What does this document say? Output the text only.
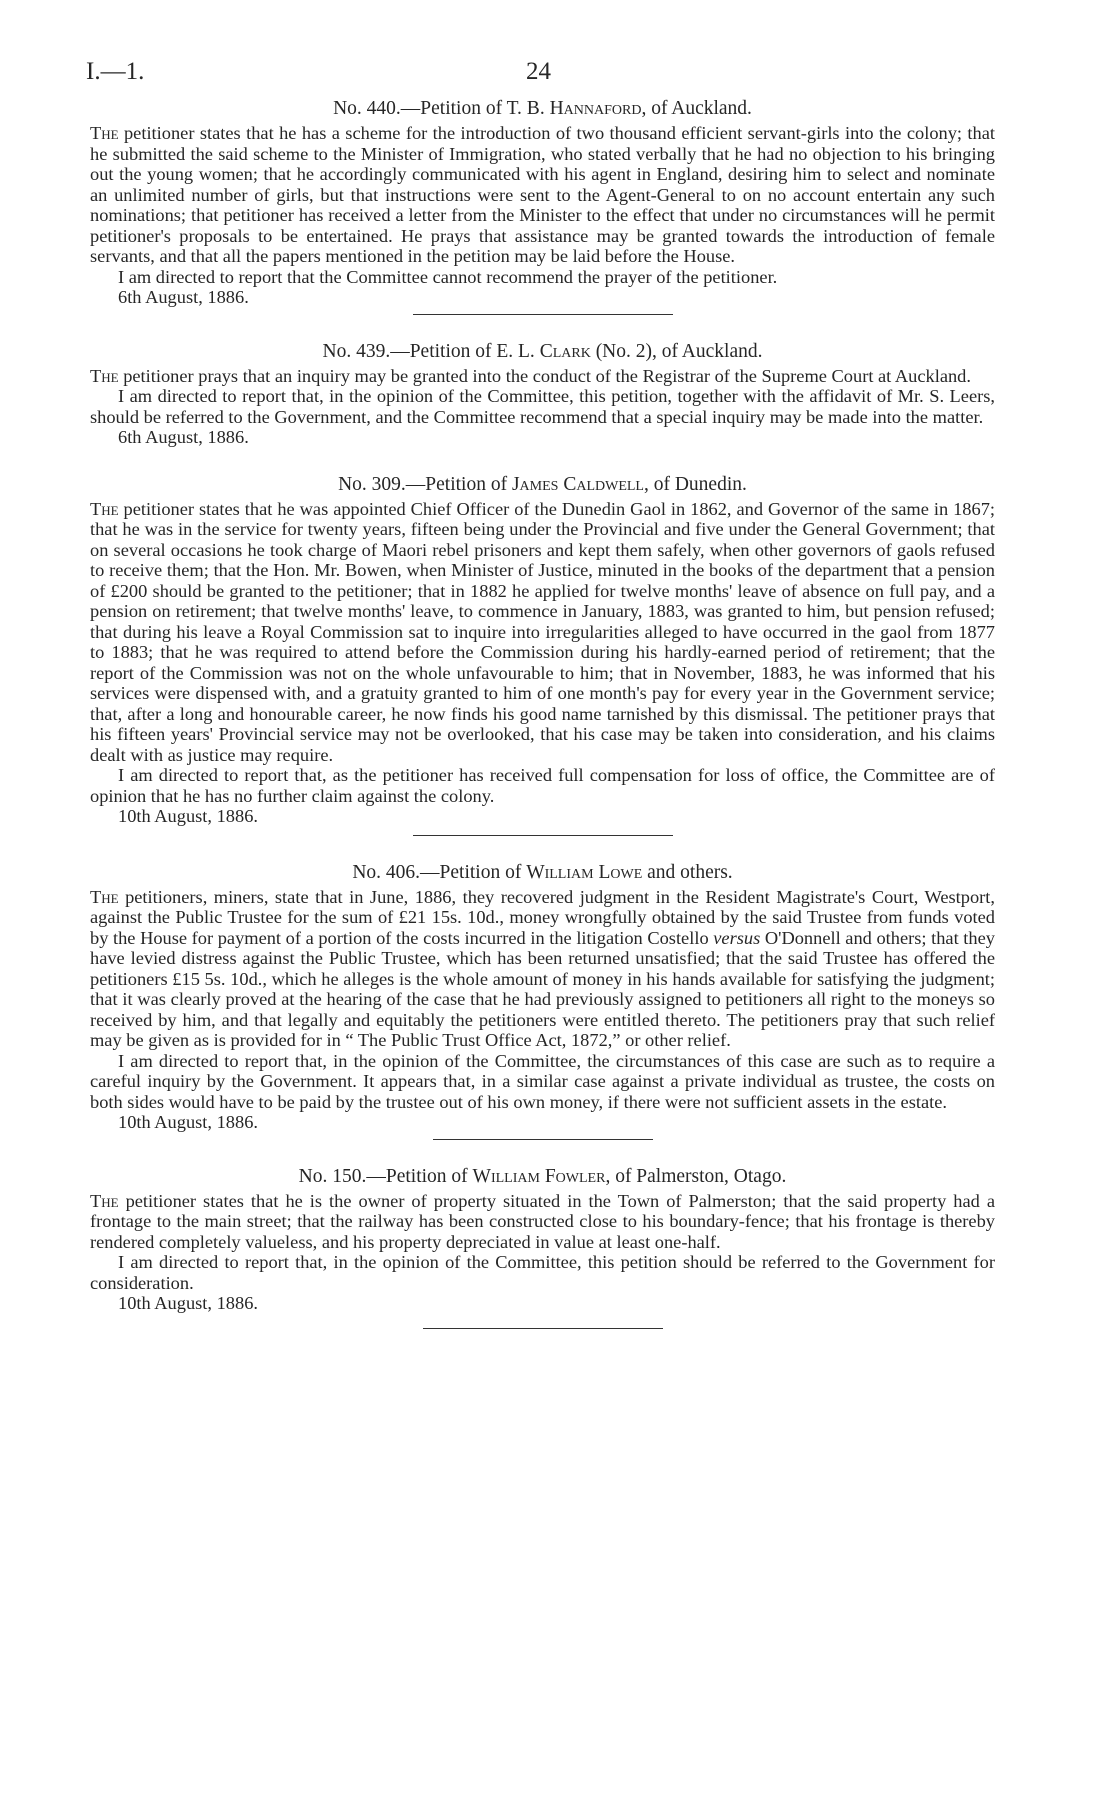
I.—1.	24
No. 440.—Petition of T. B. Hannaford, of Auckland.

The petitioner states that he has a scheme for the introduction of two thousand efficient servant-girls into the colony; that he submitted the said scheme to the Minister of Immigration, who stated verbally that he had no objection to his bringing out the young women; that he accordingly communicated with his agent in England, desiring him to select and nominate an unlimited number of girls, but that instructions were sent to the Agent-General to on no account entertain any such nominations; that petitioner has received a letter from the Minister to the effect that under no circumstances will he permit petitioner's proposals to be entertained. He prays that assistance may be granted towards the introduction of female servants, and that all the papers mentioned in the petition may be laid before the House.

I am directed to report that the Committee cannot recommend the prayer of the petitioner.

6th August, 1886.

No. 439.—Petition of E. L. Clark (No. 2), of Auckland.

The petitioner prays that an inquiry may be granted into the conduct of the Registrar of the Supreme Court at Auckland.

I am directed to report that, in the opinion of the Committee, this petition, together with the affidavit of Mr. S. Leers, should be referred to the Government, and the Committee recommend that a special inquiry may be made into the matter.

6th August, 1886.

No. 309.—Petition of James Caldwell, of Dunedin.

The petitioner states that he was appointed Chief Officer of the Dunedin Gaol in 1862, and Governor of the same in 1867; that he was in the service for twenty years, fifteen being under the Provincial and five under the General Government; that on several occasions he took charge of Maori rebel prisoners and kept them safely, when other governors of gaols refused to receive them; that the Hon. Mr. Bowen, when Minister of Justice, minuted in the books of the department that a pension of £200 should be granted to the petitioner; that in 1882 he applied for twelve months' leave of absence on full pay, and a pension on retirement; that twelve months' leave, to commence in January, 1883, was granted to him, but pension refused; that during his leave a Royal Commission sat to inquire into irregularities alleged to have occurred in the gaol from 1877 to 1883; that he was required to attend before the Commission during his hardly-earned period of retirement; that the report of the Commission was not on the whole unfavourable to him; that in November, 1883, he was informed that his services were dispensed with, and a gratuity granted to him of one month's pay for every year in the Government service; that, after a long and honourable career, he now finds his good name tarnished by this dismissal. The petitioner prays that his fifteen years' Provincial service may not be overlooked, that his case may be taken into consideration, and his claims dealt with as justice may require.

I am directed to report that, as the petitioner has received full compensation for loss of office, the Committee are of opinion that he has no further claim against the colony.

10th August, 1886.

No. 406.—Petition of William Lowe and others.

The petitioners, miners, state that in June, 1886, they recovered judgment in the Resident Magistrate's Court, Westport, against the Public Trustee for the sum of £21 15s. 10d., money wrongfully obtained by the said Trustee from funds voted by the House for payment of a portion of the costs incurred in the litigation Costello versus O'Donnell and others; that they have levied distress against the Public Trustee, which has been returned unsatisfied; that the said Trustee has offered the petitioners £15 5s. 10d., which he alleges is the whole amount of money in his hands available for satisfying the judgment; that it was clearly proved at the hearing of the case that he had previously assigned to petitioners all right to the moneys so received by him, and that legally and equitably the petitioners were entitled thereto. The petitioners pray that such relief may be given as is provided for in “ The Public Trust Office Act, 1872,” or other relief.

I am directed to report that, in the opinion of the Committee, the circumstances of this case are such as to require a careful inquiry by the Government. It appears that, in a similar case against a private individual as trustee, the costs on both sides would have to be paid by the trustee out of his own money, if there were not sufficient assets in the estate.

10th August, 1886.

No. 150.—Petition of William Fowler, of Palmerston, Otago.

The petitioner states that he is the owner of property situated in the Town of Palmerston; that the said property had a frontage to the main street; that the railway has been constructed close to his boundary-fence; that his frontage is thereby rendered completely valueless, and his property depreciated in value at least one-half.

I am directed to report that, in the opinion of the Committee, this petition should be referred to the Government for consideration.

10th August, 1886.
